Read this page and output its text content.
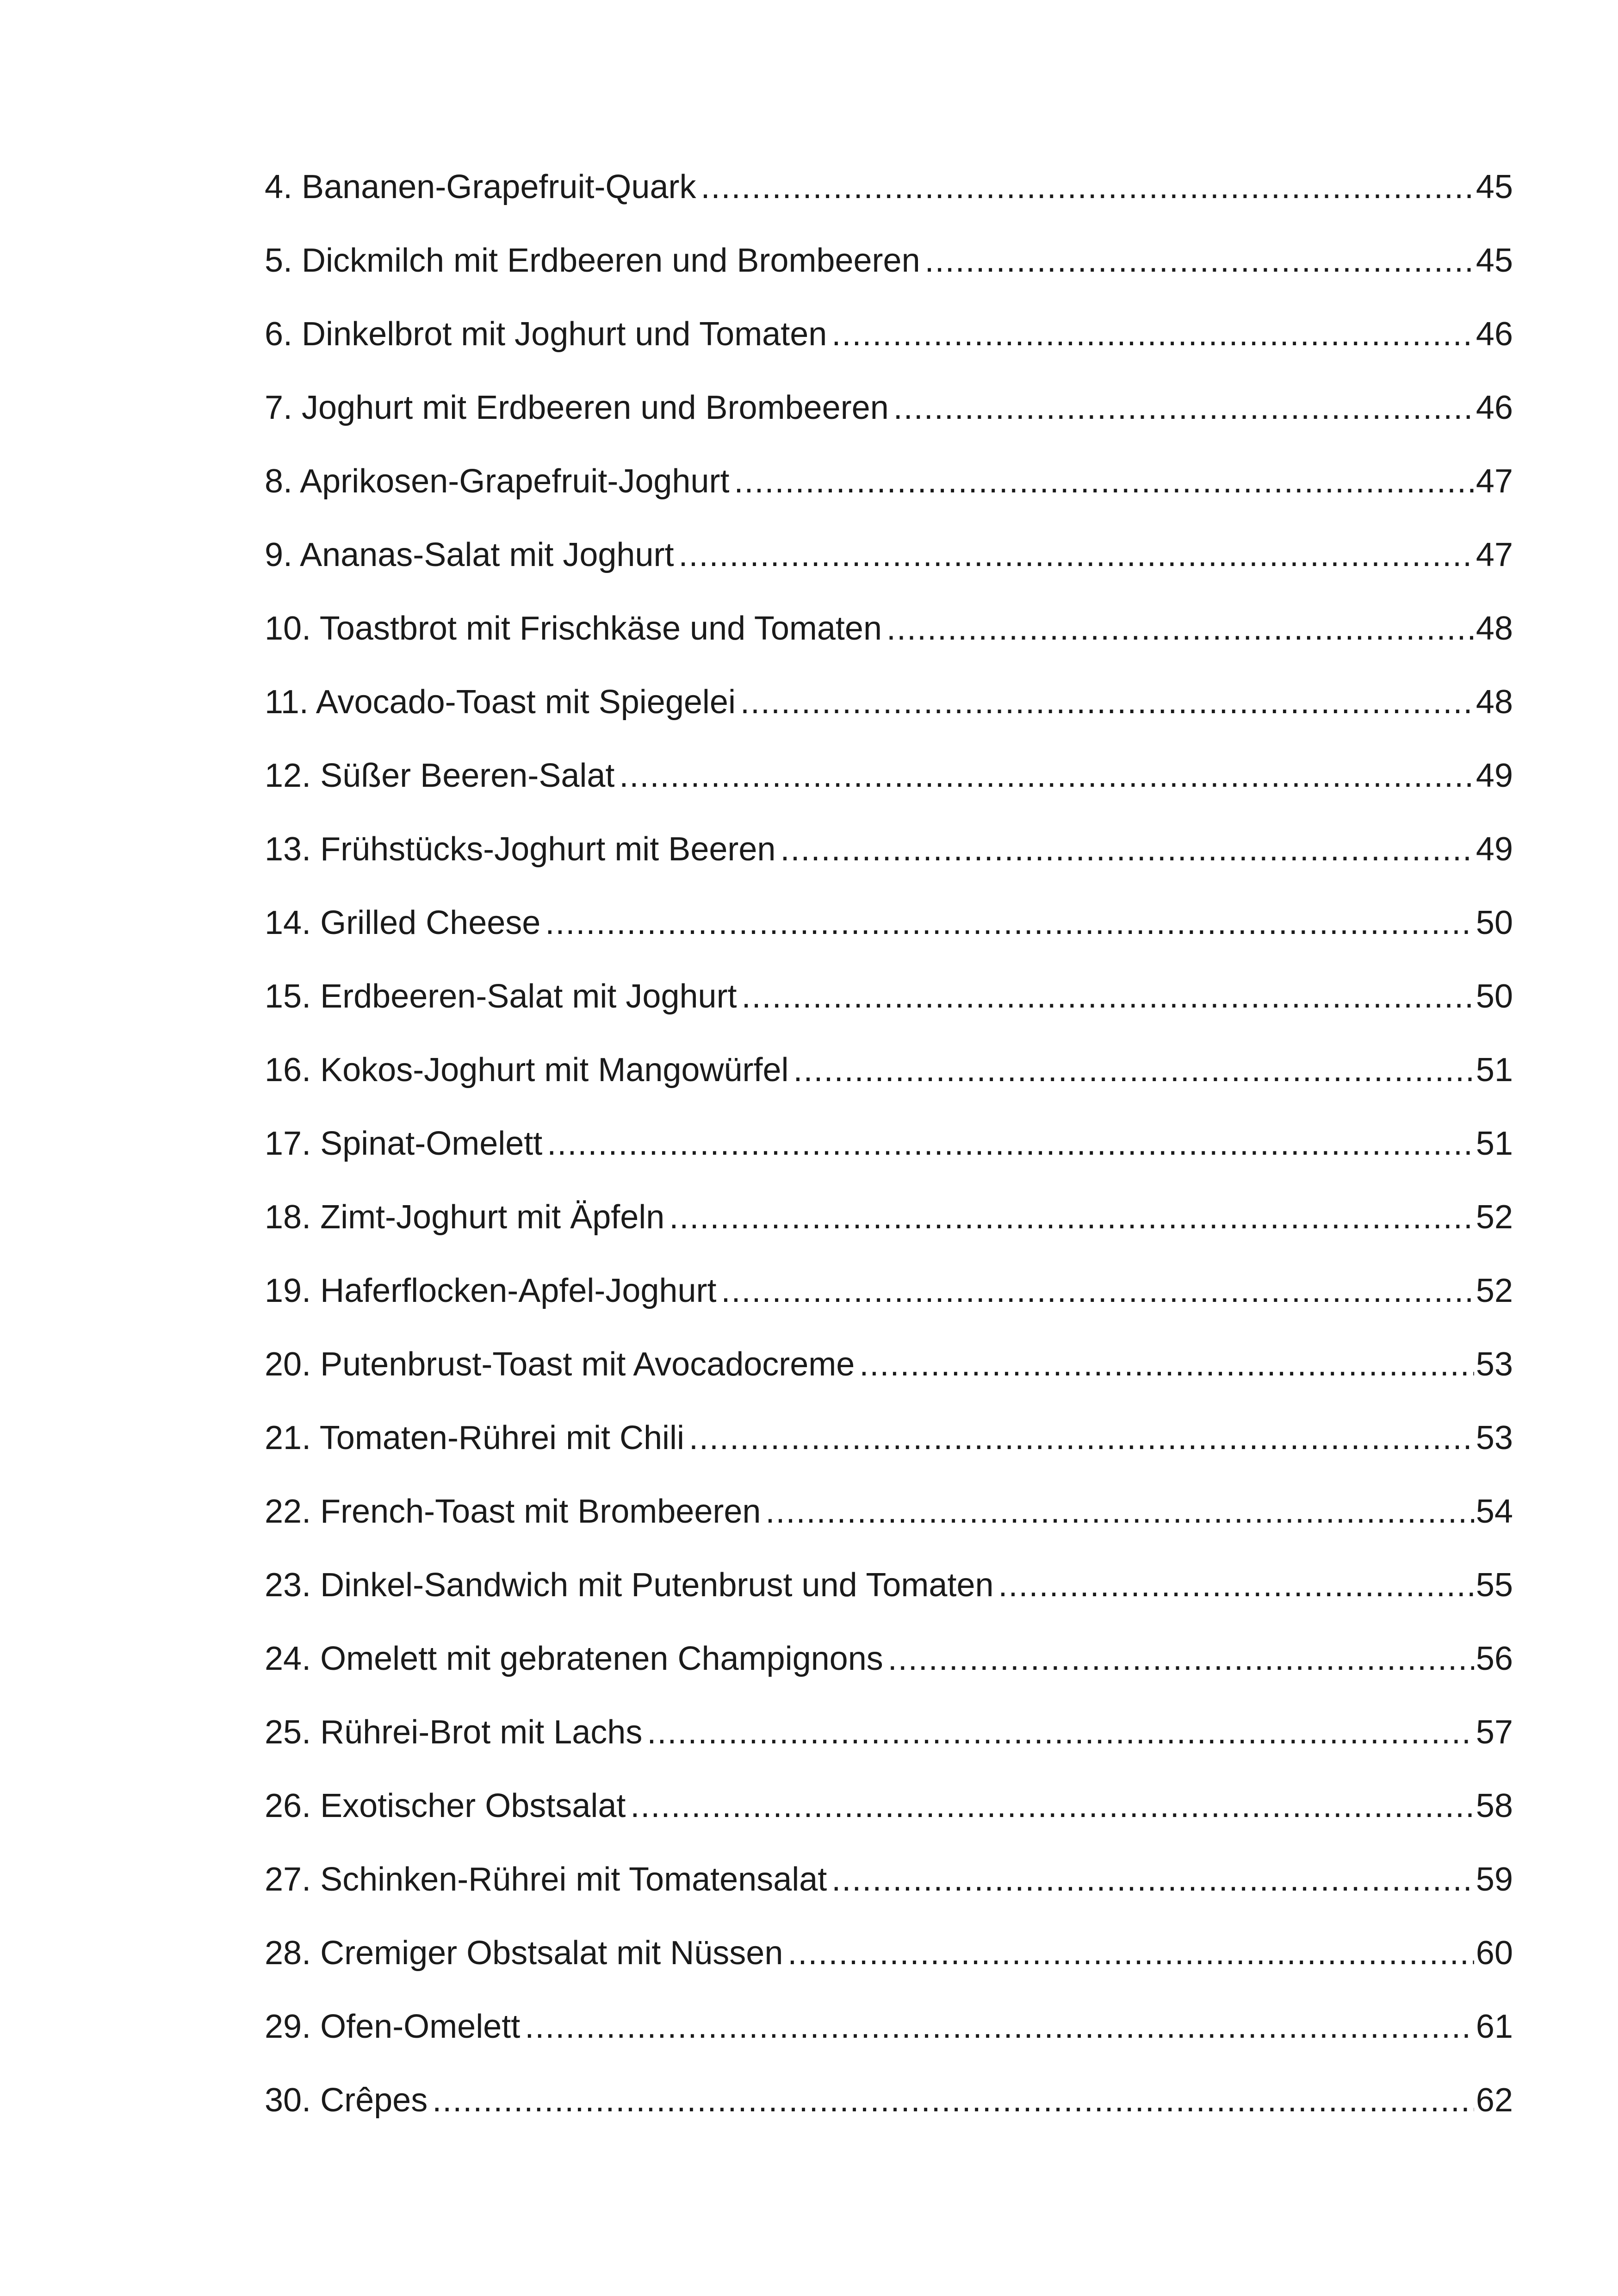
4. Bananen-Grapefruit-Quark . . .	45
5. Dickmilch mit Erdbeeren und Brombeeren . . .	45
6. Dinkelbrot mit Joghurt und Tomaten . . .	46
7. Joghurt mit Erdbeeren und Brombeeren . . .	46
8. Aprikosen-Grapefruit-Joghurt . . .	47
9. Ananas-Salat mit Joghurt . . .	47
10. Toastbrot mit Frischkäse und Tomaten . . .	48
11. Avocado-Toast mit Spiegelei . . .	48
12. Süßer Beeren-Salat . . .	49
13. Frühstücks-Joghurt mit Beeren . . .	49
14. Grilled Cheese . . .	50
15. Erdbeeren-Salat mit Joghurt . . .	50
16. Kokos-Joghurt mit Mangowürfel . . .	51
17. Spinat-Omelett . . .	51
18. Zimt-Joghurt mit Äpfeln . . .	52
19. Haferflocken-Apfel-Joghurt . . .	52
20. Putenbrust-Toast mit Avocadocreme . . .	53
21. Tomaten-Rührei mit Chili . . .	53
22. French-Toast mit Brombeeren . . .	54
23. Dinkel-Sandwich mit Putenbrust und Tomaten . . .	55
24. Omelett mit gebratenen Champignons . . .	56
25. Rührei-Brot mit Lachs . . .	57
26. Exotischer Obstsalat . . .	58
27. Schinken-Rührei mit Tomatensalat . . .	59
28. Cremiger Obstsalat mit Nüssen . . .	60
29. Ofen-Omelett . . .	61
30. Crêpes . . .	62
